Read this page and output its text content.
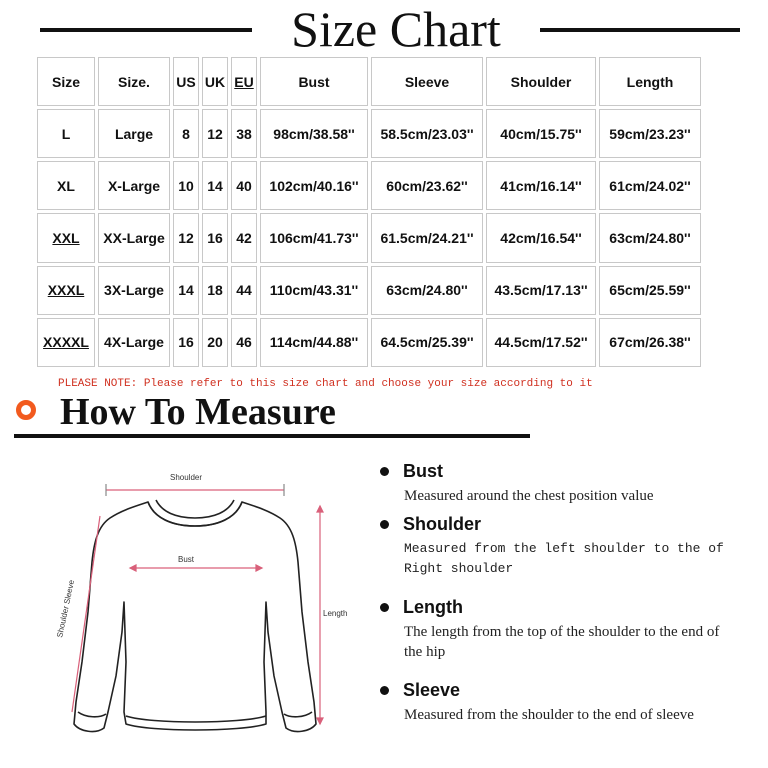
Size Chart
Size	Size.	US	UK	EU	Bust	Sleeve	Shoulder	Length
L	Large	8	12	38	98cm/38.58''	58.5cm/23.03''	40cm/15.75''	59cm/23.23''
XL	X-Large	10	14	40	102cm/40.16''	60cm/23.62''	41cm/16.14''	61cm/24.02''
XXL	XX-Large	12	16	42	106cm/41.73''	61.5cm/24.21''	42cm/16.54''	63cm/24.80''
XXXL	3X-Large	14	18	44	110cm/43.31''	63cm/24.80''	43.5cm/17.13''	65cm/25.59''
XXXXL	4X-Large	16	20	46	114cm/44.88''	64.5cm/25.39''	44.5cm/17.52''	67cm/26.38''
PLEASE NOTE: Please refer to this size chart and choose your size according to it
How To Measure
Shoulder
Bust
Length
Shoulder Sleeve
Bust
Measured around the chest position value
Shoulder
Measured from the left shoulder to the of Right shoulder
Length
The length from the top of the shoulder to the end of the hip
Sleeve
Measured from the shoulder to the end of sleeve
